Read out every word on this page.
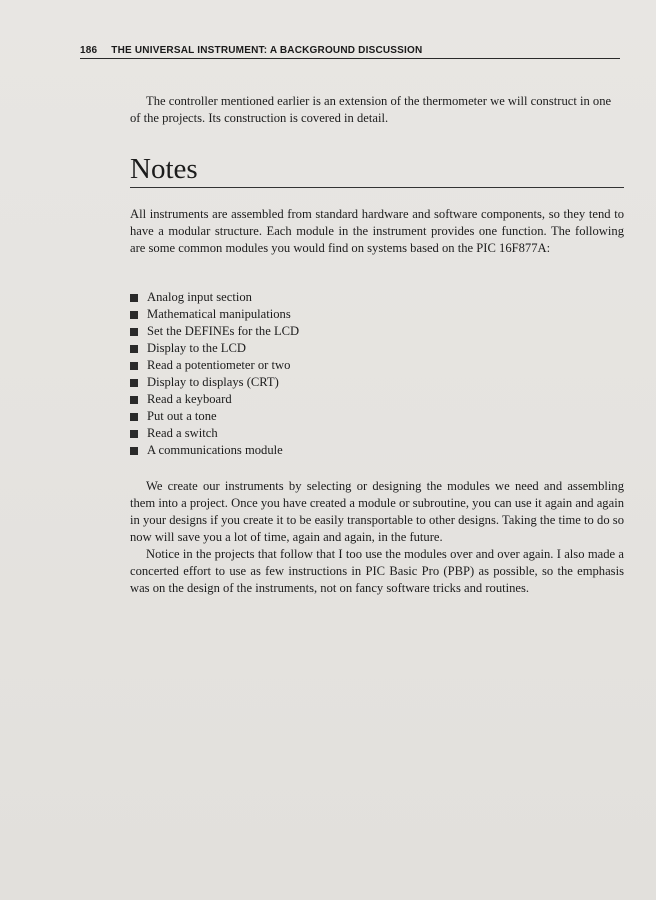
186 THE UNIVERSAL INSTRUMENT: A BACKGROUND DISCUSSION
The controller mentioned earlier is an extension of the thermometer we will construct in one of the projects. Its construction is covered in detail.
Notes

All instruments are assembled from standard hardware and software components, so they tend to have a modular structure. Each module in the instrument provides one function. The following are some common modules you would find on systems based on the PIC 16F877A:

Analog input section
Mathematical manipulations
Set the DEFINEs for the LCD
Display to the LCD
Read a potentiometer or two
Display to displays (CRT)
Read a keyboard
Put out a tone
Read a switch
A communications module

We create our instruments by selecting or designing the modules we need and assembling them into a project. Once you have created a module or subroutine, you can use it again and again in your designs if you create it to be easily transportable to other designs. Taking the time to do so now will save you a lot of time, again and again, in the future.

Notice in the projects that follow that I too use the modules over and over again. I also made a concerted effort to use as few instructions in PIC Basic Pro (PBP) as possible, so the emphasis was on the design of the instruments, not on fancy software tricks and routines.
